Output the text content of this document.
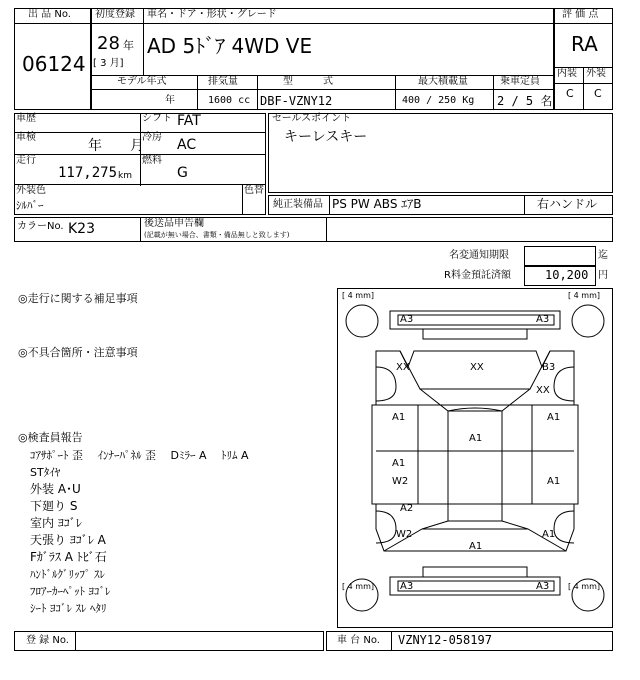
出 品 No.
06124
初度登録 車名・ドア・形状・グレード
28 年
[ 3 月]
AD 5ﾄﾞｱ 4WD VE
モデル年式	排気量	型　　　式	最大積載量	乗車定員
年	1600 cc DBF-VZNY12	400 / 250 Kg 2 / 5 名
評 価 点
RA
内装 外装
C C
車歴	シフト FAT
車検
年　　月
冷房 AC
走行
117,275 km
燃料
G
外装色
ｼﾙﾊﾞｰ
色替
セールスポイント
キーレスキー
純正装備品 PS PW ABS ｴｱB	右ハンドル
カラーNo. K23	後送品申告欄
(記載が無い場合、書類・備品無しと致します)
名変通知期限	迄
R料金預託済額	10,200 円
◎走行に関する補足事項
◎不具合箇所・注意事項
◎検査員報告
ｺｱｻﾎﾟｰﾄ 歪　 ｲﾝﾅｰﾊﾟﾈﾙ 歪　 Dﾐﾗｰ A　 ﾄﾘﾑ A
STﾀｲﾔ
外装 A･U
下廻り S
室内 ﾖｺﾞﾚ
天張り ﾖｺﾞﾚ A
Fｶﾞﾗｽ A ﾄﾋﾞ石
ﾊﾝﾄﾞﾙｸﾞﾘｯﾌﾟ ｽﾚ
ﾌﾛｱｰｶｰﾍﾟｯﾄ ﾖｺﾞﾚ
ｼｰﾄ ﾖｺﾞﾚ ｽﾚ ﾍﾀﾘ
[ 4 mm]	[ 4 mm]
[ 4 mm]	[ 4 mm]
A3	A3
XX	XX	B3
XX
A1
A1
A1
A1
W2	A1
A2
W2
A1
A1
A3	A3
登 録 No.	車 台 No. VZNY12-058197
